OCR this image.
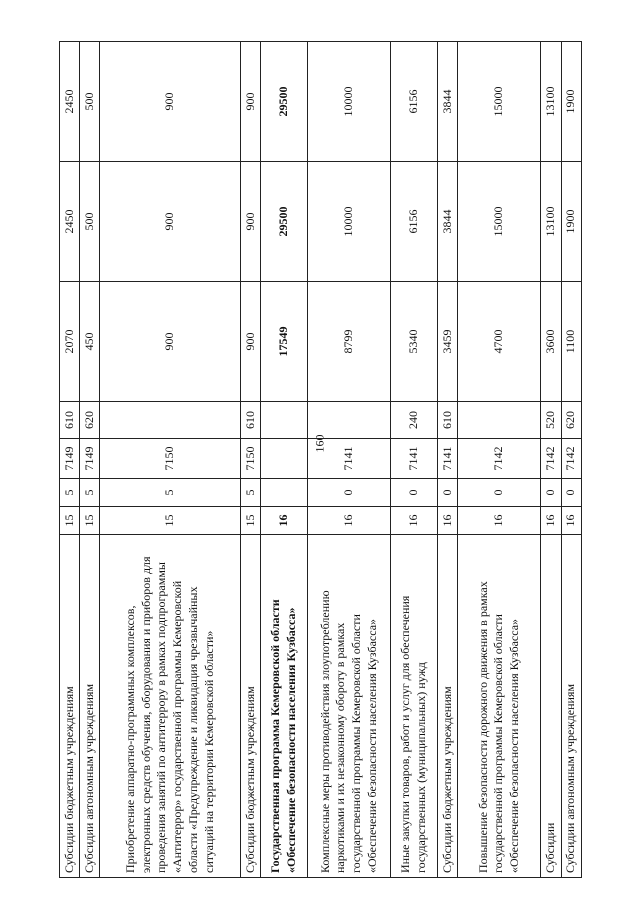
160
Субсидии бюджетным учреждениям	15	5	7149	610	2070	2450	2450
Субсидии автономным учреждениям	15	5	7149	620	450	500	500
Приобретение аппаратно-программных комплексов, электронных средств обучения, оборудования и приборов для проведения занятий по антитеррору в рамках подпрограммы «Антитеррор» государственной программы Кемеровской области «Предупреждение и ликвидация чрезвычайных ситуаций на территории Кемеровской области»	15	5	7150		900	900	900
Субсидии бюджетным учреждениям	15	5	7150	610	900	900	900
Государственная программа Кемеровской области «Обеспечение безопасности населения Кузбасса»	16				17549	29500	29500
Комплексные меры противодействия злоупотреблению наркотиками и их незаконному обороту в рамках государственной программы Кемеровской области «Обеспечение безопасности населения Кузбасса»	16	0	7141		8799	10000	10000
Иные закупки товаров, работ и услуг для обеспечения государственных (муниципальных) нужд	16	0	7141	240	5340	6156	6156
Субсидии бюджетным учреждениям	16	0	7141	610	3459	3844	3844
Повышение безопасности дорожного движения в рамках государственной программы Кемеровской области «Обеспечение безопасности населения Кузбасса»	16	0	7142		4700	15000	15000
Субсидии	16	0	7142	520	3600	13100	13100
Субсидии автономным учреждениям	16	0	7142	620	1100	1900	1900
